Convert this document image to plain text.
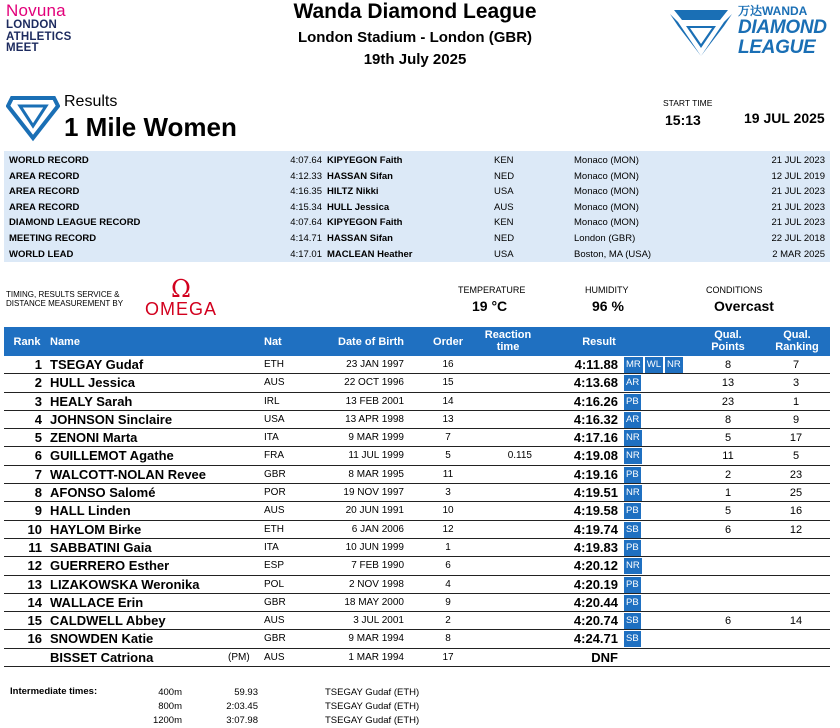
Novuna
LONDON
ATHLETICS
MEET
Wanda Diamond League
London Stadium - London (GBR)
19th July 2025
万达WANDA
DIAMOND
LEAGUE
Results
1 Mile Women
START TIME
15:13	19 JUL 2025
WORLD RECORD	4:07.64 KIPYEGON Faith	KEN	Monaco (MON)	21 JUL 2023
AREA RECORD	4:12.33 HASSAN Sifan	NED	Monaco (MON)	12 JUL 2019
AREA RECORD	4:16.35 HILTZ Nikki	USA	Monaco (MON)	21 JUL 2023
AREA RECORD	4:15.34 HULL Jessica	AUS	Monaco (MON)	21 JUL 2023
DIAMOND LEAGUE RECORD	4:07.64 KIPYEGON Faith	KEN	Monaco (MON)	21 JUL 2023
MEETING RECORD	4:14.71 HASSAN Sifan	NED	London (GBR)	22 JUL 2018
WORLD LEAD	4:17.01 MACLEAN Heather	USA	Boston, MA (USA)	2 MAR 2025
TIMING, RESULTS SERVICE &
DISTANCE MEASUREMENT BY
Ω
OMEGA
TEMPERATURE
19 °C
HUMIDITY
96 %
CONDITIONS
Overcast
Rank Name	Nat	Date of Birth	Order
Reaction
time	Result
Qual.
Points
Qual.
Ranking
1 TSEGAY Gudaf	ETH	23 JAN 1997	16	4:11.88 MR WL NR	8	7
2 HULL Jessica	AUS	22 OCT 1996	15	4:13.68 AR	13	3
3 HEALY Sarah	IRL	13 FEB 2001	14	4:16.26 PB	23	1
4 JOHNSON Sinclaire	USA	13 APR 1998	13	4:16.32 AR	8	9
5 ZENONI Marta	ITA	9 MAR 1999	7	4:17.16 NR	5	17
6 GUILLEMOT Agathe	FRA	11 JUL 1999	5	0.115	4:19.08 NR	11	5
7 WALCOTT-NOLAN Revee	GBR	8 MAR 1995	11	4:19.16 PB	2	23
8 AFONSO Salomé	POR	19 NOV 1997	3	4:19.51 NR	1	25
9 HALL Linden	AUS	20 JUN 1991	10	4:19.58 PB	5	16
10 HAYLOM Birke	ETH	6 JAN 2006	12	4:19.74 SB	6	12
11 SABBATINI Gaia	ITA	10 JUN 1999	1	4:19.83 PB
12 GUERRERO Esther	ESP	7 FEB 1990	6	4:20.12 NR
13 LIZAKOWSKA Weronika	POL	2 NOV 1998	4	4:20.19 PB
14 WALLACE Erin	GBR	18 MAY 2000	9	4:20.44 PB
15 CALDWELL Abbey	AUS	3 JUL 2001	2	4:20.74 SB	6	14
16 SNOWDEN Katie	GBR	9 MAR 1994	8	4:24.71 SB
BISSET Catriona	(PM) AUS	1 MAR 1994	17	DNF
Intermediate times:	400m	59.93	TSEGAY Gudaf (ETH)
800m	2:03.45	TSEGAY Gudaf (ETH)
1200m	3:07.98	TSEGAY Gudaf (ETH)
